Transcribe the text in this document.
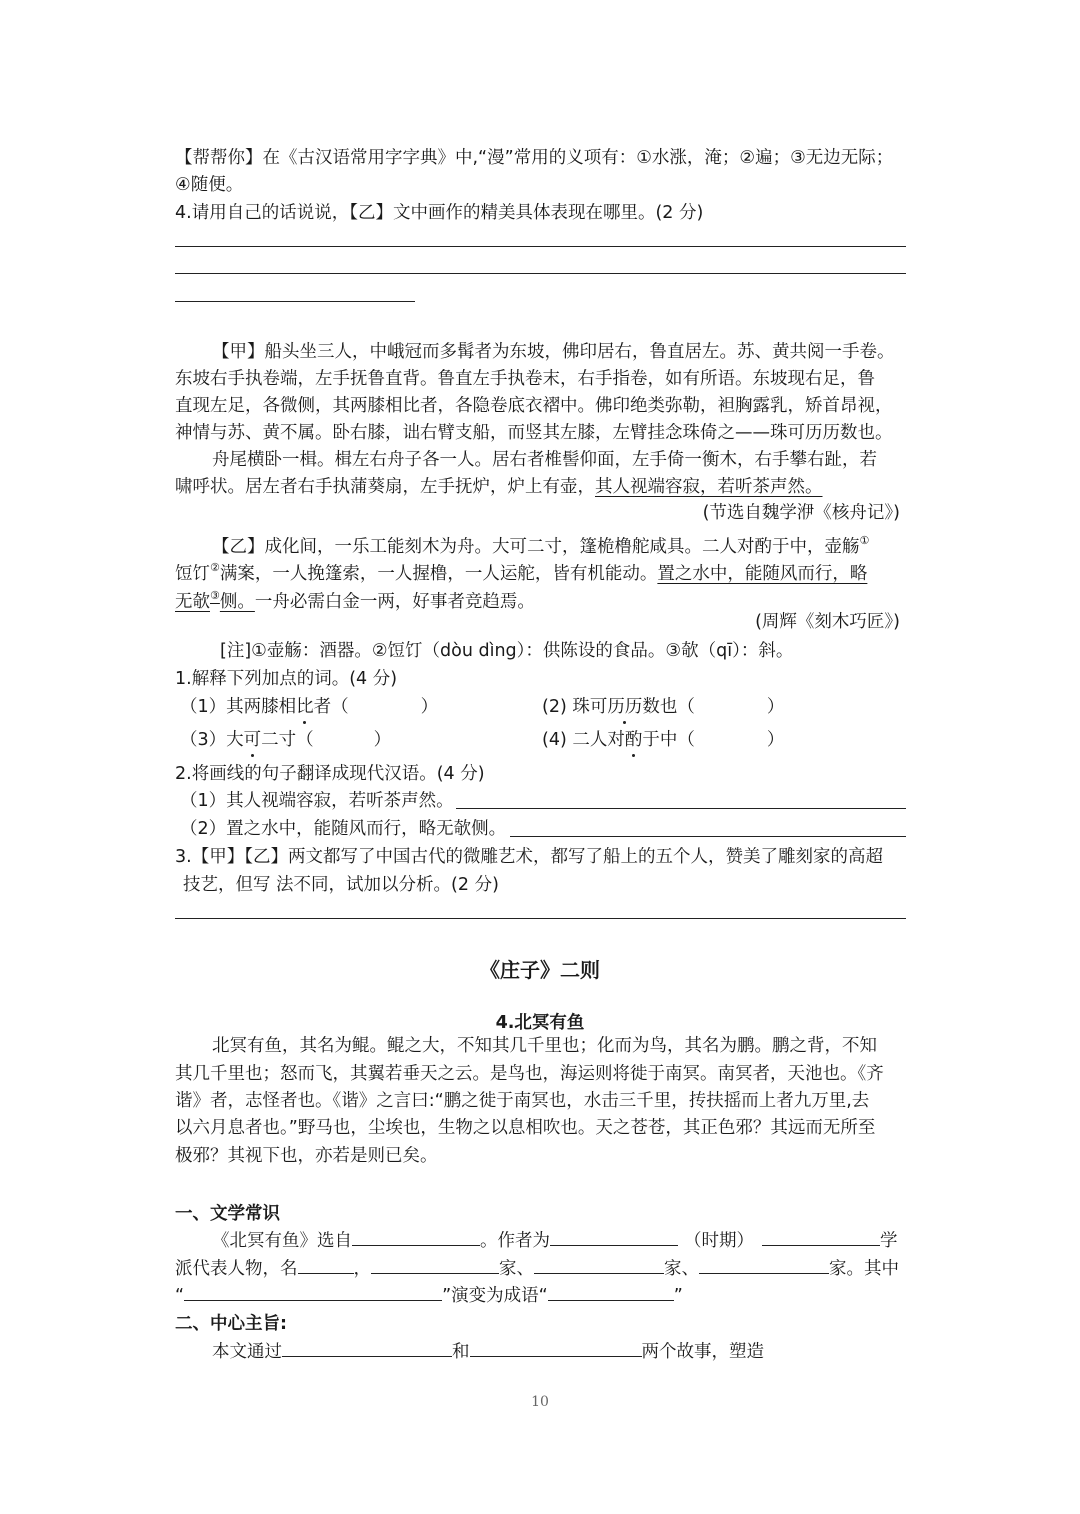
【帮帮你】在《古汉语常用字字典》中,“漫”常用的义项有：①水涨，淹；②遍；③无边无际；

④随便。

4.请用自己的话说说，【乙】文中画作的精美具体表现在哪里。(2 分)

【甲】船头坐三人，中峨冠而多髯者为东坡，佛印居右，鲁直居左。苏、黄共阅一手卷。

东坡右手执卷端，左手抚鲁直背。鲁直左手执卷末，右手指卷，如有所语。东坡现右足，鲁

直现左足，各微侧，其两膝相比者，各隐卷底衣褶中。佛印绝类弥勒，袒胸露乳，矫首昂视，

神情与苏、黄不属。卧右膝，诎右臂支船，而竖其左膝，左臂挂念珠倚之——珠可历历数也。

舟尾横卧一楫。楫左右舟子各一人。居右者椎髻仰面，左手倚一衡木，右手攀右趾，若

啸呼状。居左者右手执蒲葵扇，左手抚炉，炉上有壶，其人视端容寂，若听茶声然。

(节选自魏学洢《核舟记》)

【乙】成化间，一乐工能刻木为舟。大可二寸，篷桅橹舵咸具。二人对酌于中，壶觞①

饾饤②满案，一人挽篷索，一人握橹，一人运舵，皆有机能动。置之水中，能随风而行，略

无欹③侧。一舟必需白金一两，好事者竞趋焉。

(周辉《刻木巧匠》)

[注]①壶觞：酒器。②饾饤（dòu dìng）：供陈设的食品。③欹（qī）：斜。

1.解释下列加点的词。(4 分)

（1）其两膝相比者（	）	(2) 珠可历历数也（	）

（3）大可二寸（	）	(4) 二人对酌于中（	）

2.将画线的句子翻译成现代汉语。(4 分)

（1）其人视端容寂，若听茶声然。

（2）置之水中，能随风而行，略无欹侧。

3.【甲】【乙】两文都写了中国古代的微雕艺术，都写了船上的五个人，赞美了雕刻家的高超

技艺，但写 法不同，试加以分析。(2 分)

《庄子》二则

4.北冥有鱼

北冥有鱼，其名为鲲。鲲之大，不知其几千里也；化而为鸟，其名为鹏。鹏之背，不知

其几千里也；怒而飞，其翼若垂天之云。是鸟也，海运则将徙于南冥。南冥者，天池也。《齐

谐》者，志怪者也。《谐》之言曰:“鹏之徙于南冥也，水击三千里，抟扶摇而上者九万里,去

以六月息者也。”野马也，尘埃也，生物之以息相吹也。天之苍苍，其正色邪？其远而无所至

极邪？其视下也，亦若是则已矣。

一、文学常识

《北冥有鱼》选自	。作者为	（时期）	学

派代表人物，名	，	家、	家、	家。其中

“	”演变为成语“	”

二、中心主旨:

本文通过	和	两个故事，塑造

10
